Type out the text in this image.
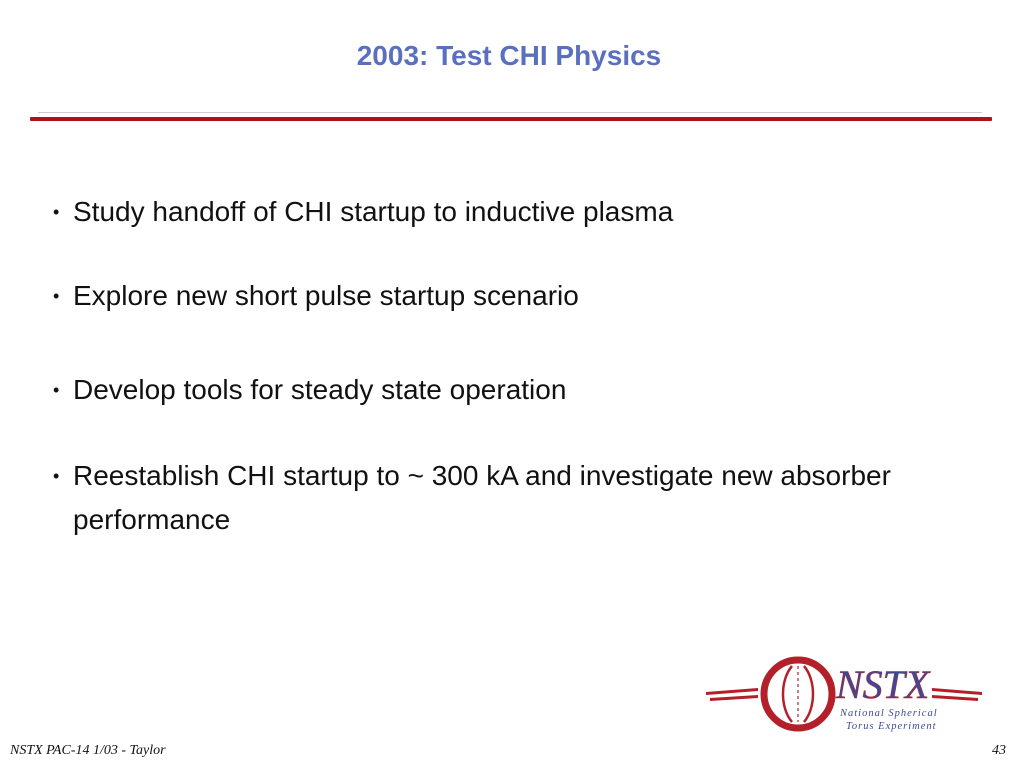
2003: Test CHI Physics
• Study handoff of CHI startup to inductive plasma
• Explore new short pulse startup scenario
• Develop tools for steady state operation
• Reestablish CHI startup to ~ 300 kA and investigate new absorber performance
NSTX
National Spherical
Torus Experiment
NSTX PAC-14 1/03 - Taylor	43
